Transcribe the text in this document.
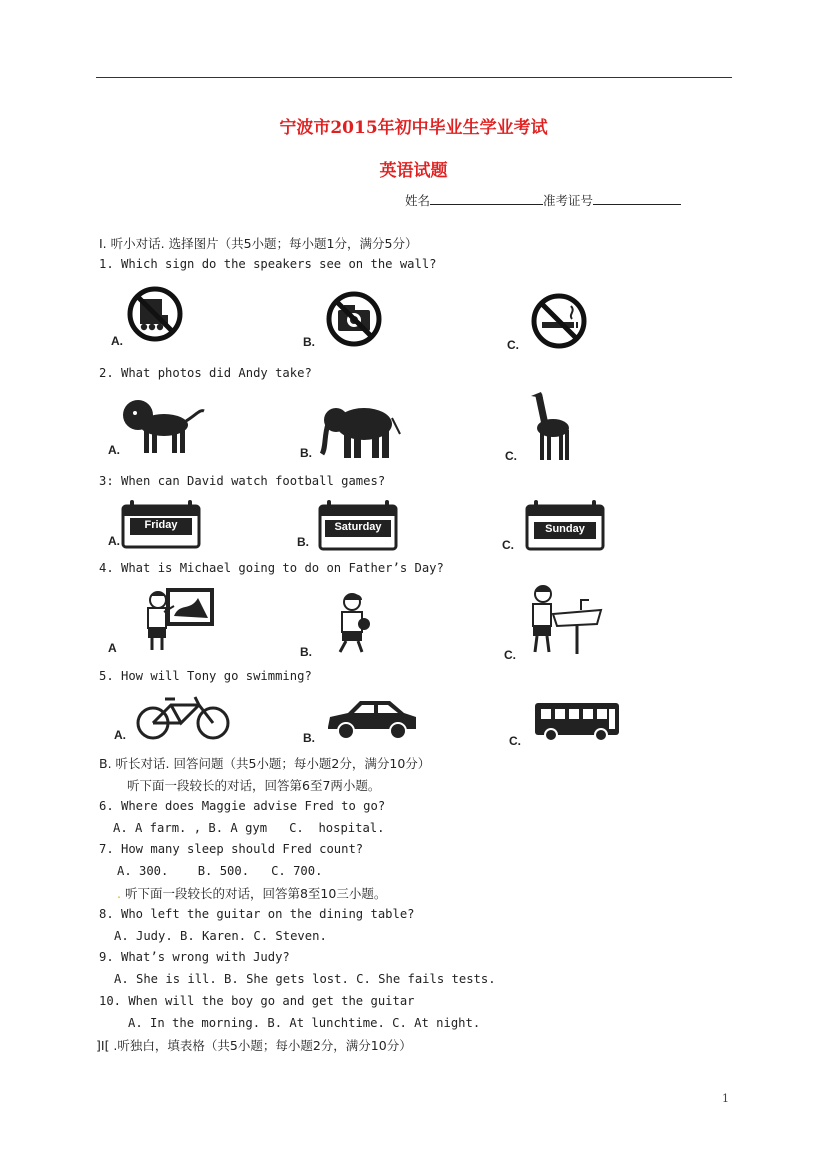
宁波市2015年初中毕业生学业考试
英语试题
姓名	准考证号
I. 听小对话. 选择图片（共5小题；每小题1分，满分5分）
1. Which sign do the speakers see on the wall?
A.	B.	C.
2. What photos did Andy take?
A.	B.	C.
3: When can David watch football games?
Friday
A.
Saturday
B.
Sunday
C.
4. What is Michael going to do on Father’s Day?
A	B.	C.
5. How will Tony go swimming?
A.	B.	C.
B. 听长对话. 回答问题（共5小题；每小题2分，满分10分）
听下面一段较长的对话，回答第6至7两小题。
6. Where does Maggie advise Fred to go?
A. A farm. , B. A gym   C.  hospital.
7. How many sleep should Fred count?
A. 300.    B. 500.   C. 700.
. 听下面一段较长的对话，回答第8至10三小题。
8. Who left the guitar on the dining table?
A. Judy. B. Karen. C. Steven.
9. What’s wrong with Judy?
A. She is ill. B. She gets lost. C. She fails tests.
10. When will the boy go and get the guitar
A. In the morning. B. At lunchtime. C. At night.
]I[ .听独白，填表格（共5小题；每小题2分，满分10分）
1
